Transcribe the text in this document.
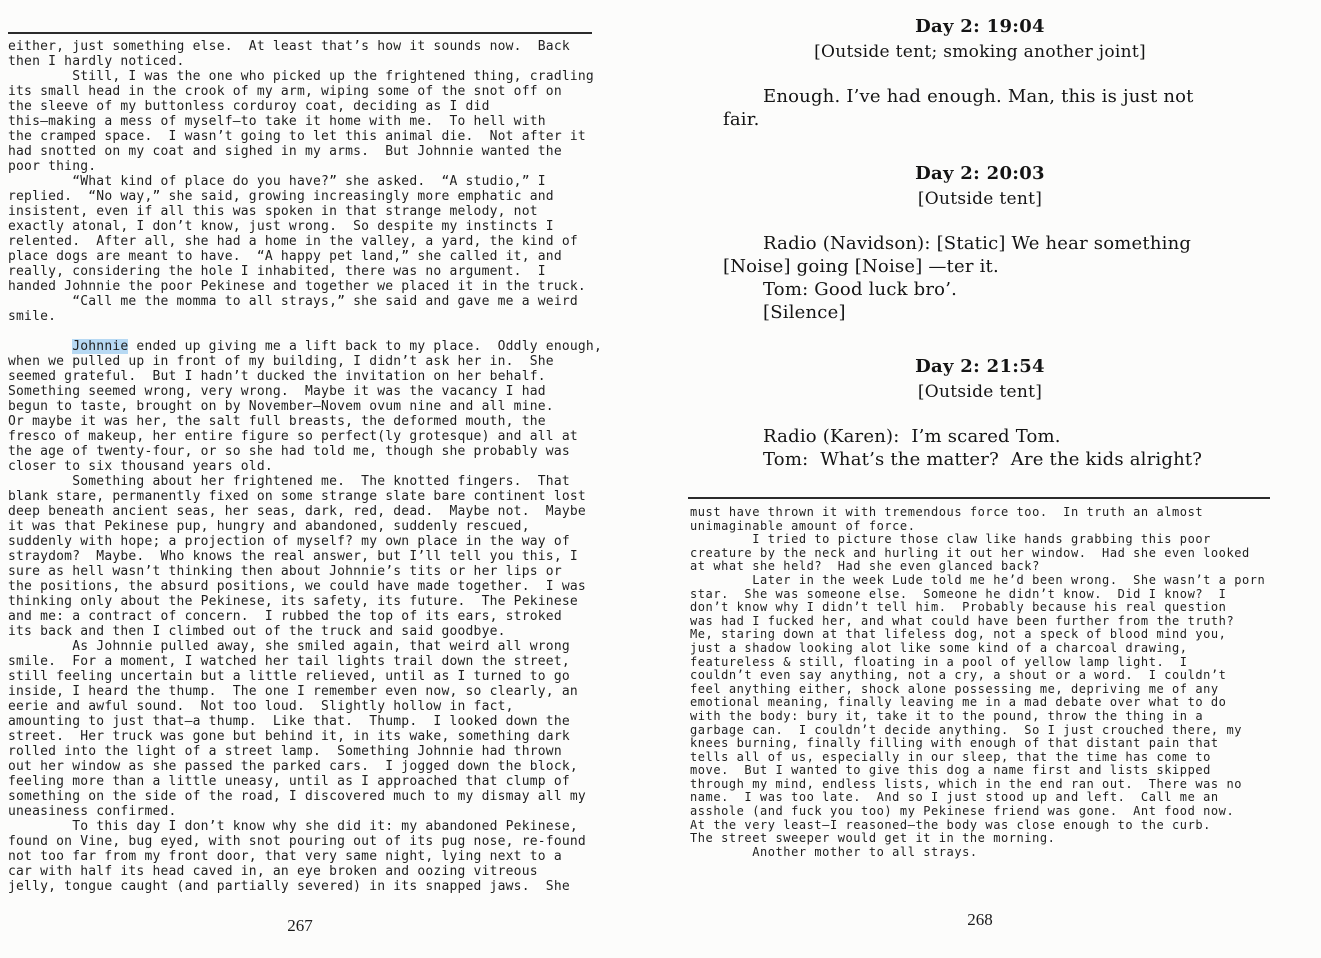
either, just something else.  At least that’s how it sounds now.  Back
then I hardly noticed.
Still, I was the one who picked up the frightened thing, cradling
its small head in the crook of my arm, wiping some of the snot off on
the sleeve of my buttonless corduroy coat, deciding as I did
this—making a mess of myself—to take it home with me.  To hell with
the cramped space.  I wasn’t going to let this animal die.  Not after it
had snotted on my coat and sighed in my arms.  But Johnnie wanted the
poor thing.
“What kind of place do you have?” she asked.  “A studio,” I
replied.  “No way,” she said, growing increasingly more emphatic and
insistent, even if all this was spoken in that strange melody, not
exactly atonal, I don’t know, just wrong.  So despite my instincts I
relented.  After all, she had a home in the valley, a yard, the kind of
place dogs are meant to have.  “A happy pet land,” she called it, and
really, considering the hole I inhabited, there was no argument.  I
handed Johnnie the poor Pekinese and together we placed it in the truck.
“Call me the momma to all strays,” she said and gave me a weird
smile.

Johnnie ended up giving me a lift back to my place.  Oddly enough,
when we pulled up in front of my building, I didn’t ask her in.  She
seemed grateful.  But I hadn’t ducked the invitation on her behalf.
Something seemed wrong, very wrong.  Maybe it was the vacancy I had
begun to taste, brought on by November—Novem ovum nine and all mine.
Or maybe it was her, the salt full breasts, the deformed mouth, the
fresco of makeup, her entire figure so perfect(ly grotesque) and all at
the age of twenty-four, or so she had told me, though she probably was
closer to six thousand years old.
Something about her frightened me.  The knotted fingers.  That
blank stare, permanently fixed on some strange slate bare continent lost
deep beneath ancient seas, her seas, dark, red, dead.  Maybe not.  Maybe
it was that Pekinese pup, hungry and abandoned, suddenly rescued,
suddenly with hope; a projection of myself? my own place in the way of
straydom?  Maybe.  Who knows the real answer, but I’ll tell you this, I
sure as hell wasn’t thinking then about Johnnie’s tits or her lips or
the positions, the absurd positions, we could have made together.  I was
thinking only about the Pekinese, its safety, its future.  The Pekinese
and me: a contract of concern.  I rubbed the top of its ears, stroked
its back and then I climbed out of the truck and said goodbye.
As Johnnie pulled away, she smiled again, that weird all wrong
smile.  For a moment, I watched her tail lights trail down the street,
still feeling uncertain but a little relieved, until as I turned to go
inside, I heard the thump.  The one I remember even now, so clearly, an
eerie and awful sound.  Not too loud.  Slightly hollow in fact,
amounting to just that—a thump.  Like that.  Thump.  I looked down the
street.  Her truck was gone but behind it, in its wake, something dark
rolled into the light of a street lamp.  Something Johnnie had thrown
out her window as she passed the parked cars.  I jogged down the block,
feeling more than a little uneasy, until as I approached that clump of
something on the side of the road, I discovered much to my dismay all my
uneasiness confirmed.
To this day I don’t know why she did it: my abandoned Pekinese,
found on Vine, bug eyed, with snot pouring out of its pug nose, re-found
not too far from my front door, that very same night, lying next to a
car with half its head caved in, an eye broken and oozing vitreous
jelly, tongue caught (and partially severed) in its snapped jaws.  She
267
Day 2: 19:04
[Outside tent; smoking another joint]
Enough. I’ve had enough. Man, this is just not
fair.
Day 2: 20:03
[Outside tent]
Radio (Navidson): [Static] We hear something
[Noise] going [Noise] —ter it.
Tom: Good luck bro’.
[Silence]
Day 2: 21:54
[Outside tent]
Radio (Karen):  I’m scared Tom.
Tom:  What’s the matter?  Are the kids alright?
must have thrown it with tremendous force too.  In truth an almost
unimaginable amount of force.
I tried to picture those claw like hands grabbing this poor
creature by the neck and hurling it out her window.  Had she even looked
at what she held?  Had she even glanced back?
Later in the week Lude told me he’d been wrong.  She wasn’t a porn
star.  She was someone else.  Someone he didn’t know.  Did I know?  I
don’t know why I didn’t tell him.  Probably because his real question
was had I fucked her, and what could have been further from the truth?
Me, staring down at that lifeless dog, not a speck of blood mind you,
just a shadow looking alot like some kind of a charcoal drawing,
featureless & still, floating in a pool of yellow lamp light.  I
couldn’t even say anything, not a cry, a shout or a word.  I couldn’t
feel anything either, shock alone possessing me, depriving me of any
emotional meaning, finally leaving me in a mad debate over what to do
with the body: bury it, take it to the pound, throw the thing in a
garbage can.  I couldn’t decide anything.  So I just crouched there, my
knees burning, finally filling with enough of that distant pain that
tells all of us, especially in our sleep, that the time has come to
move.  But I wanted to give this dog a name first and lists skipped
through my mind, endless lists, which in the end ran out.  There was no
name.  I was too late.  And so I just stood up and left.  Call me an
asshole (and fuck you too) my Pekinese friend was gone.  Ant food now.
At the very least—I reasoned—the body was close enough to the curb.
The street sweeper would get it in the morning.
Another mother to all strays.
268
